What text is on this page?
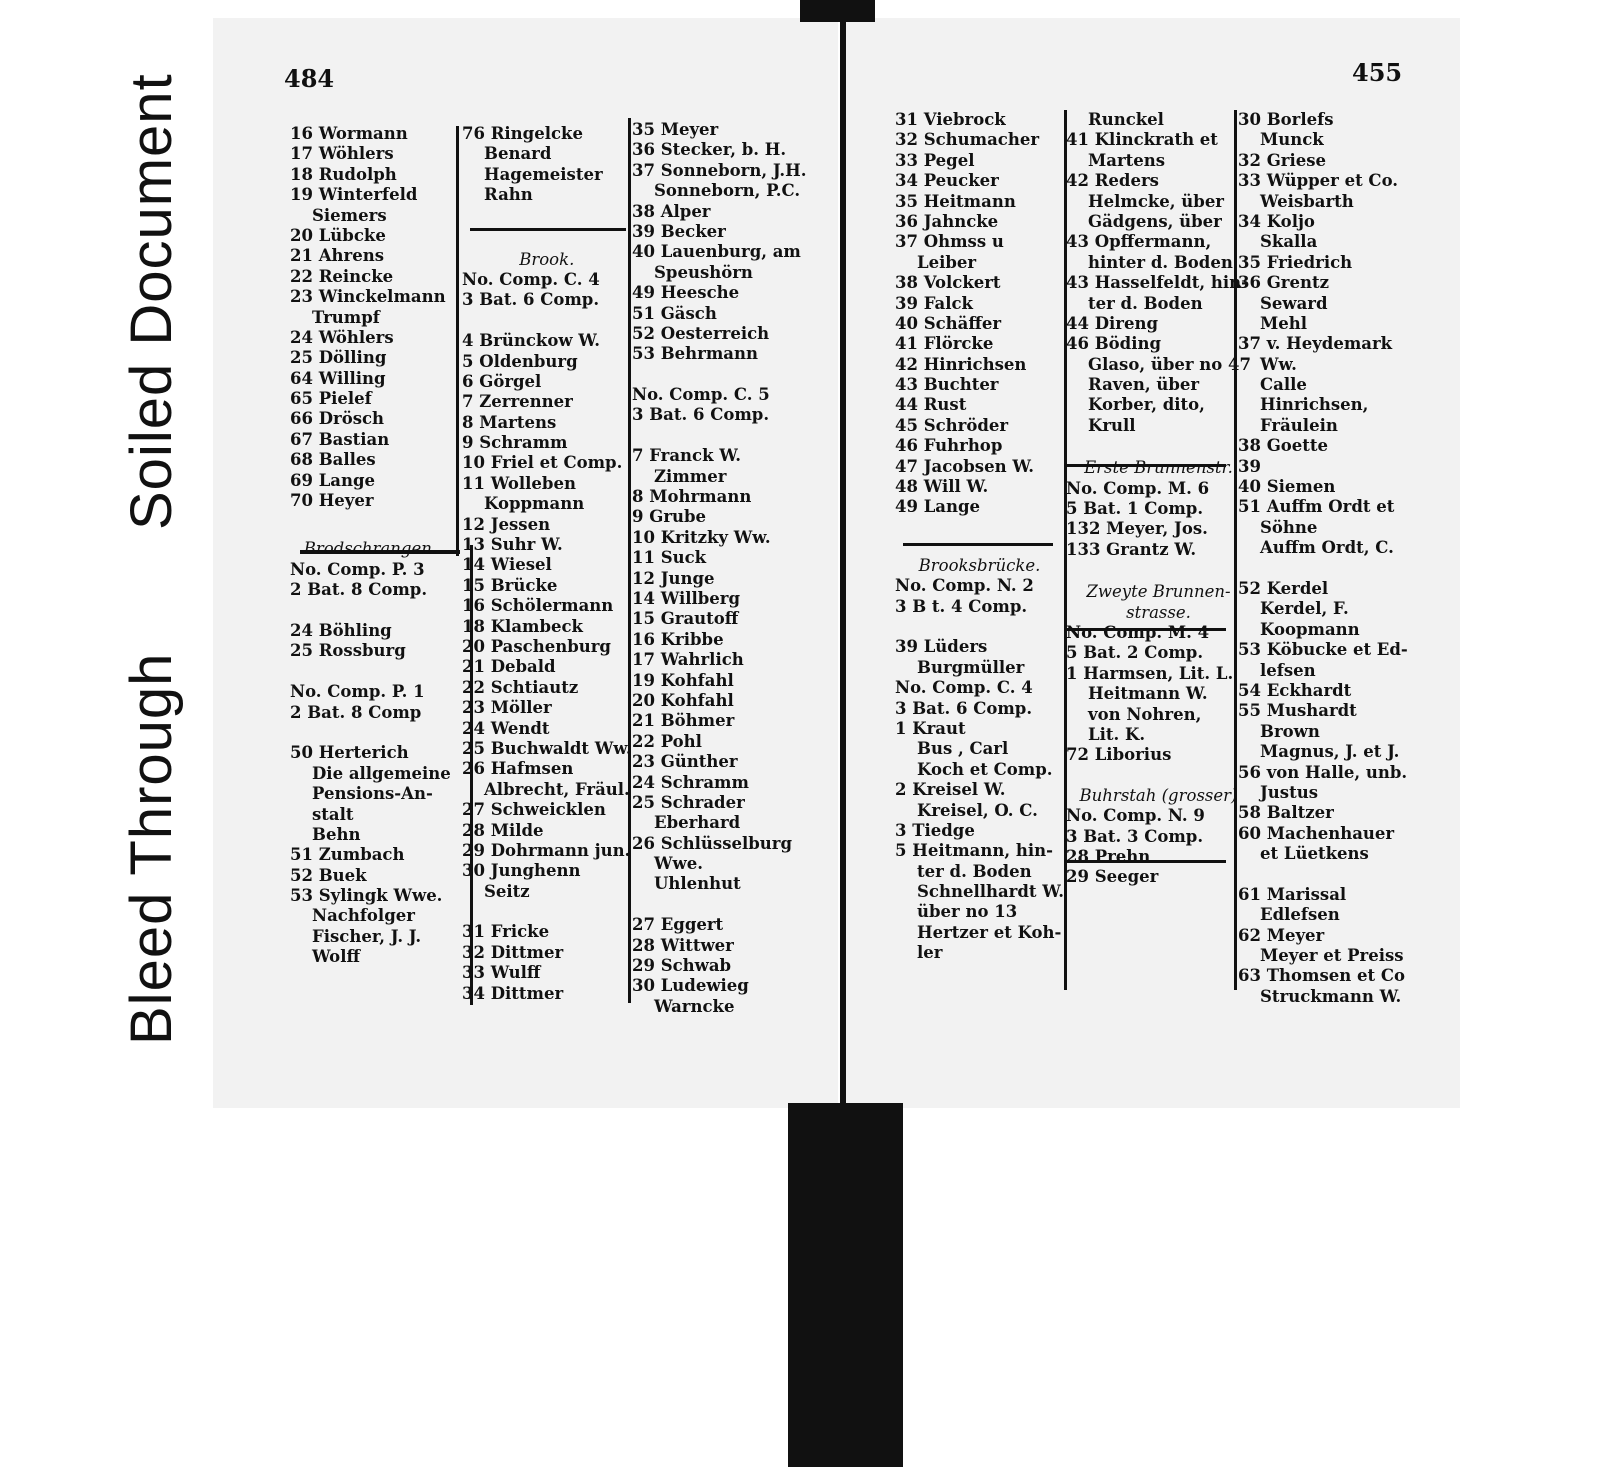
Soiled Document
Bleed Through
484	455
16 Wormann
17 Wöhlers
18 Rudolph
19 Winterfeld
Siemers
20 Lübcke
21 Ahrens
22 Reincke
23 Winckelmann
Trumpf
24 Wöhlers
25 Dölling
64 Willing
65 Pielef
66 Drösch
67 Bastian
68 Balles
69 Lange
70 Heyer
Brodschrangen.
No. Comp. P. 3
2 Bat. 8 Comp.
24 Böhling
25 Rossburg
No. Comp. P. 1
2 Bat. 8 Comp
50 Herterich
Die allgemeine
Pensions-An-
stalt
Behn
51 Zumbach
52 Buek
53 Sylingk Wwe.
Nachfolger
Fischer, J. J.
Wolff
76 Ringelcke
Benard
Hagemeister
Rahn
Brook.
No. Comp. C. 4
3 Bat. 6 Comp.
4 Brünckow W.
5 Oldenburg
6 Görgel
7 Zerrenner
8 Martens
9 Schramm
10 Friel et Comp.
11 Wolleben
Koppmann
12 Jessen
13 Suhr W.
14 Wiesel
15 Brücke
16 Schölermann
18 Klambeck
20 Paschenburg
21 Debald
22 Schtiautz
23 Möller
24 Wendt
25 Buchwaldt Ww.
26 Hafmsen
Albrecht, Fräul.
27 Schweicklen
28 Milde
29 Dohrmann jun.
30 Junghenn
Seitz
31 Fricke
32 Dittmer
33 Wulff
34 Dittmer
35 Meyer
36 Stecker, b. H.
37 Sonneborn, J.H.
Sonneborn, P.C.
38 Alper
39 Becker
40 Lauenburg, am
Speushörn
49 Heesche
51 Gäsch
52 Oesterreich
53 Behrmann
No. Comp. C. 5
3 Bat. 6 Comp.
7 Franck W.
Zimmer
8 Mohrmann
9 Grube
10 Kritzky Ww.
11 Suck
12 Junge
14 Willberg
15 Grautoff
16 Kribbe
17 Wahrlich
19 Kohfahl
20 Kohfahl
21 Böhmer
22 Pohl
23 Günther
24 Schramm
25 Schrader
Eberhard
26 Schlüsselburg
Wwe.
Uhlenhut
27 Eggert
28 Wittwer
29 Schwab
30 Ludewieg
Warncke
31 Viebrock
32 Schumacher
33 Pegel
34 Peucker
35 Heitmann
36 Jahncke
37 Ohmss u
Leiber
38 Volckert
39 Falck
40 Schäffer
41 Flörcke
42 Hinrichsen
43 Buchter
44 Rust
45 Schröder
46 Fuhrhop
47 Jacobsen W.
48 Will W.
49 Lange
Brooksbrücke.
No. Comp. N. 2
3 B t. 4 Comp.
39 Lüders
Burgmüller
No. Comp. C. 4
3 Bat. 6 Comp.
1 Kraut
Bus , Carl
Koch et Comp.
2 Kreisel W.
Kreisel, O. C.
3 Tiedge
5 Heitmann, hin-
ter d. Boden
Schnellhardt W.
über no 13
Hertzer et Koh-
ler
Runckel
41 Klinckrath et
Martens
42 Reders
Helmcke, über
Gädgens, über
43 Opffermann,
hinter d. Boden
43 Hasselfeldt, hin-
ter d. Boden
44 Direng
46 Böding
Glaso, über no 47
Raven, über
Korber, dito,
Krull
Erste Brunnenstr.
No. Comp. M. 6
5 Bat. 1 Comp.
132 Meyer, Jos.
133 Grantz W.
Zweyte Brunnen-
strasse.
No. Comp. M. 4
5 Bat. 2 Comp.
1 Harmsen, Lit. L.
Heitmann W.
von Nohren,
Lit. K.
72 Liborius
Buhrstah (grosser)
No. Comp. N. 9
3 Bat. 3 Comp.
28 Prehn
29 Seeger
30 Borlefs
Munck
32 Griese
33 Wüpper et Co.
Weisbarth
34 Koljo
Skalla
35 Friedrich
36 Grentz
Seward
Mehl
37 v. Heydemark
Ww.
Calle
Hinrichsen,
Fräulein
38 Goette
39
40 Siemen
51 Auffm Ordt et
Söhne
Auffm Ordt, C.
52 Kerdel
Kerdel, F.
Koopmann
53 Köbucke et Ed-
lefsen
54 Eckhardt
55 Mushardt
Brown
Magnus, J. et J.
56 von Halle, unb.
Justus
58 Baltzer
60 Machenhauer
et Lüetkens
61 Marissal
Edlefsen
62 Meyer
Meyer et Preiss
63 Thomsen et Co
Struckmann W.
